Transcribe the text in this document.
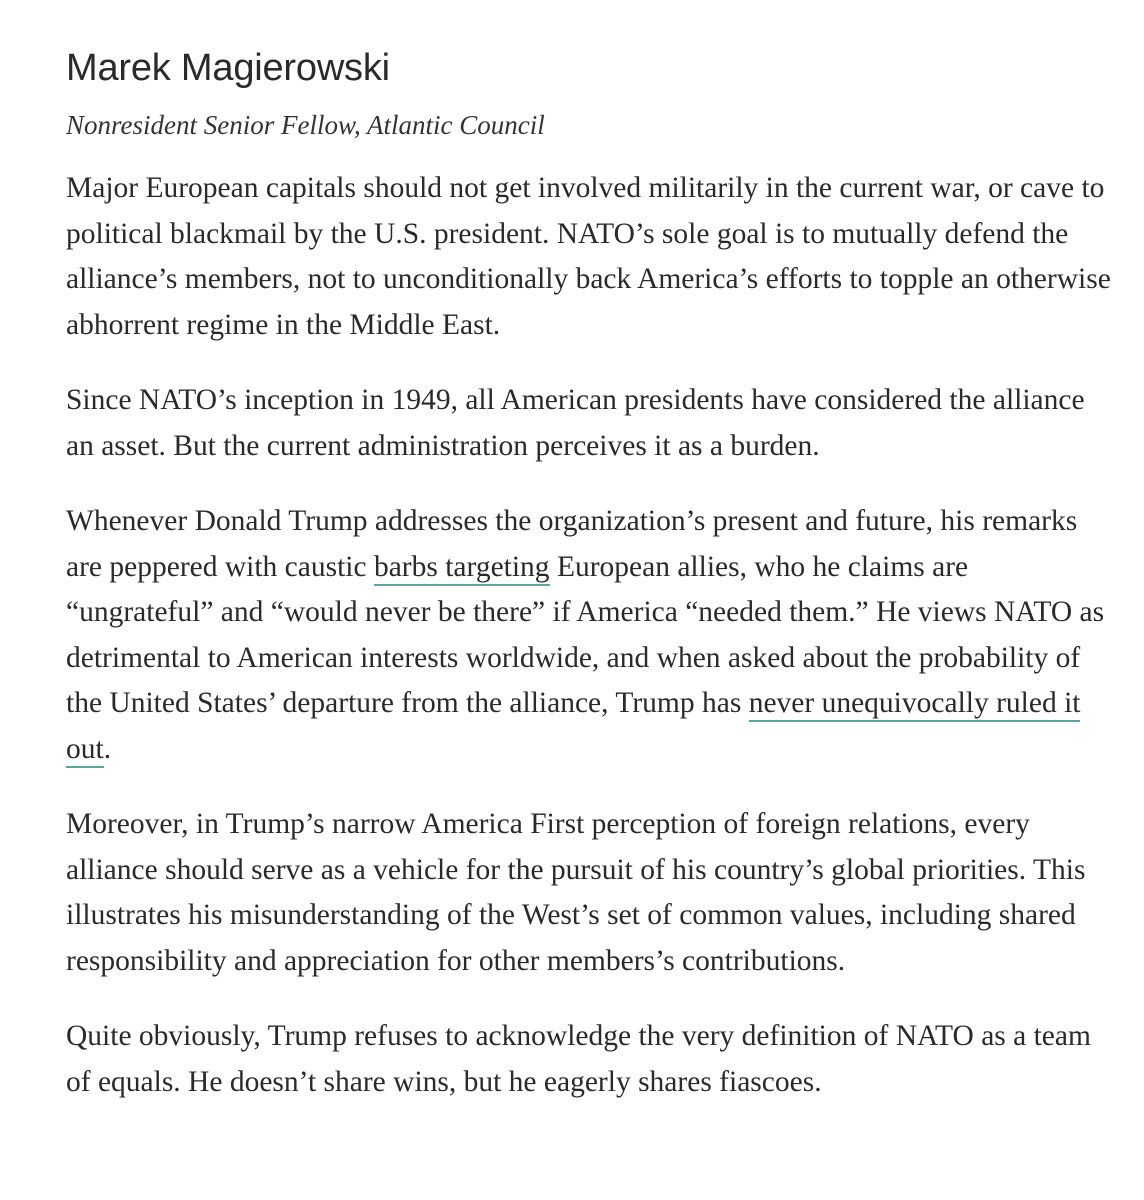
Marek Magierowski

Nonresident Senior Fellow, Atlantic Council

Major European capitals should not get involved militarily in the current war, or cave to political blackmail by the U.S. president. NATO’s sole goal is to mutually defend the alliance’s members, not to unconditionally back America’s efforts to topple an otherwise abhorrent regime in the Middle East.

Since NATO’s inception in 1949, all American presidents have considered the alliance an asset. But the current administration perceives it as a burden.

Whenever Donald Trump addresses the organization’s present and future, his remarks are peppered with caustic barbs targeting European allies, who he claims are “ungrateful” and “would never be there” if America “needed them.” He views NATO as detrimental to American interests worldwide, and when asked about the probability of the United States’ departure from the alliance, Trump has never unequivocally ruled it out.

Moreover, in Trump’s narrow America First perception of foreign relations, every alliance should serve as a vehicle for the pursuit of his country’s global priorities. This illustrates his misunderstanding of the West’s set of common values, including shared responsibility and appreciation for other members’s contributions.

Quite obviously, Trump refuses to acknowledge the very definition of NATO as a team of equals. He doesn’t share wins, but he eagerly shares fiascoes.
